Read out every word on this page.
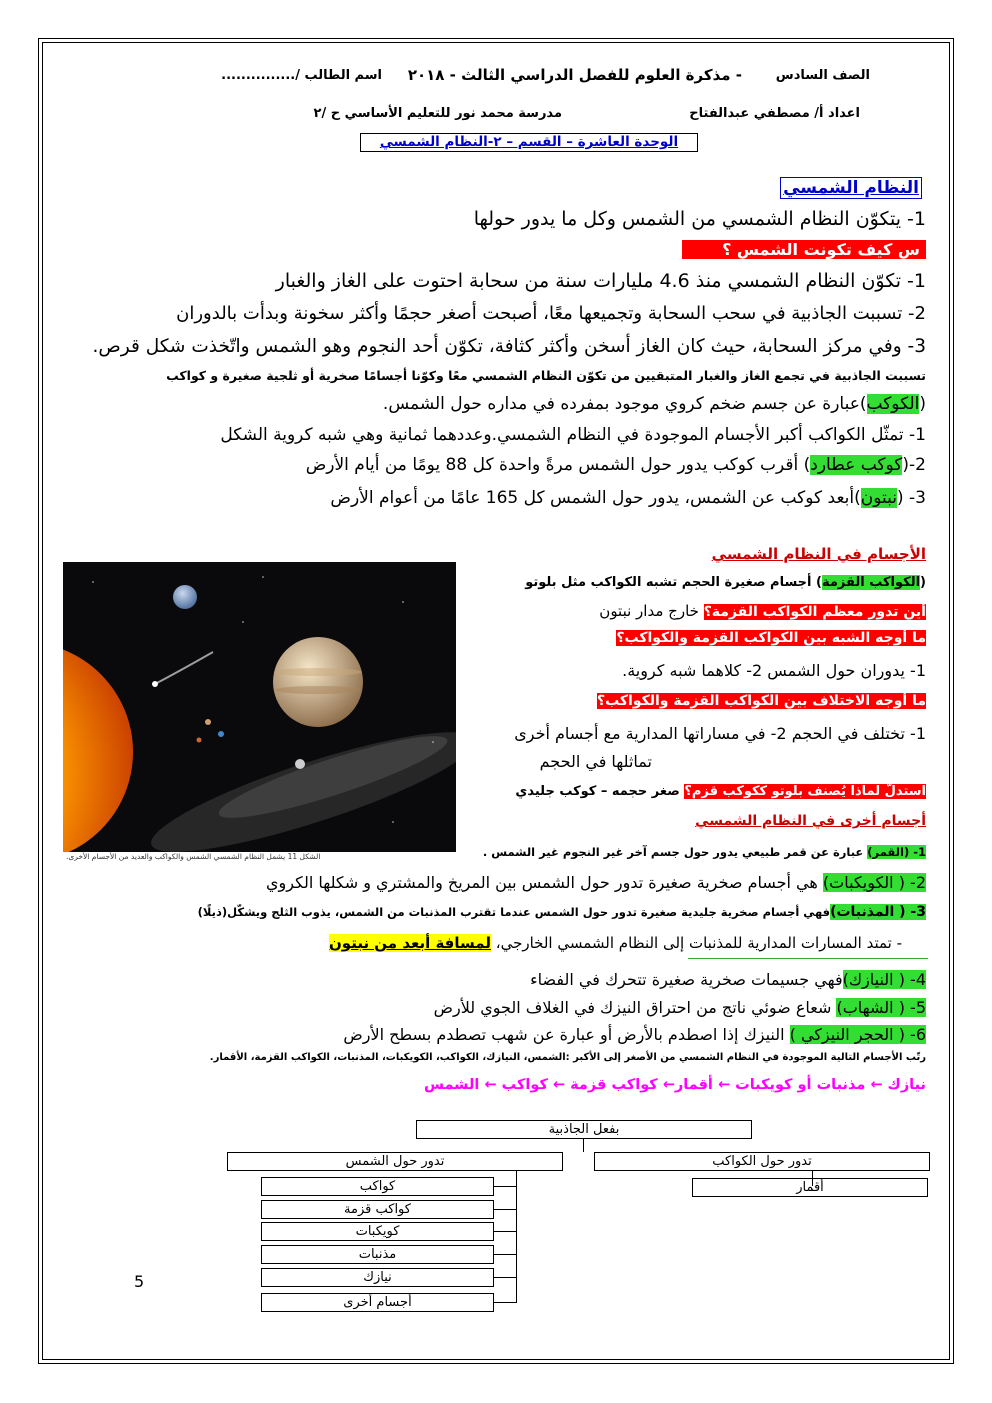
الصف السادس
- مذكرة العلوم للفصل الدراسي الثالث - ٢٠١٨
اسم الطالب /...............
اعداد أ/ مصطفي عبدالفتاح
مدرسة محمد نور للتعليم الأساسي ح /٢
الوحدة العاشرة – القسم – ٢-النظام الشمسي
النظام الشمسي
1- يتكوّن النظام الشمسي من الشمس وكل ما يدور حولها
س كيف تكونت الشمس ؟
1- تكوّن النظام الشمسي منذ 4.6 مليارات سنة من سحابة احتوت على الغاز والغبار
2- تسببت الجاذبية في سحب السحابة وتجميعها معًا، أصبحت أصغر حجمًا وأكثر سخونة وبدأت بالدوران
3- وفي مركز السحابة، حيث كان الغاز أسخن وأكثر كثافة، تكوّن أحد النجوم وهو الشمس واتّخذت شكل قرص.
تسببت الجاذبية في تجمع الغاز والغبار المتبقيين من تكوّن النظام الشمسي معًا وكوّنا أجسامًا صخرية أو ثلجية صغيرة و كواكب
(الكوكب)عبارة عن جسم ضخم كروي موجود بمفرده في مداره حول الشمس.
1- تمثّل الكواكب أكبر الأجسام الموجودة في النظام الشمسي.وعددهما ثمانية وهي شبه كروية الشكل
2-(كوكب عطارد) أقرب كوكب يدور حول الشمس مرةً واحدة كل 88 يومًا من أيام الأرض
3- (نبتون)أبعد كوكب عن الشمس، يدور حول الشمس كل 165 عامًا من أعوام الأرض
الشكل 11 يشمل النظام الشمسي الشمس والكواكب والعديد من الأجسام الأخرى.
الأجسام في النظام الشمسي
(الكواكب القزمة) أجسام صغيرة الحجم تشبه الكواكب مثل بلوتو
أين تدور معظم الكواكب القزمة؟ خارج مدار نبتون
ما أوجه الشبه بين الكواكب القزمة والكواكب؟
1- يدوران حول الشمس 2- كلاهما شبه كروية.
ما أوجه الاختلاف بين الكواكب القزمة والكواكب؟
1- تختلف في الحجم 2- في مساراتها المدارية مع أجسام أخرى
تماثلها في الحجم
استدلّ لماذا يُصنف بلوتو ككوكب قزم؟ صغر حجمه – كوكب جليدي
أجسام أخرى في النظام الشمسي
1- (القمر) عبارة عن قمر طبيعي يدور حول جسم آخر غير النجوم غير الشمس .
2- ( الكويكبات) هي أجسام صخرية صغيرة تدور حول الشمس بين المريخ والمشتري و شكلها الكروي
3- ( المذنبات)فهي أجسام صخرية جليدية صغيرة تدور حول الشمس عندما تقترب المذنبات من الشمس، يذوب الثلج ويشكّل(ذيلًا)
- تمتد المسارات المدارية للمذنبات إلى النظام الشمسي الخارجي، لمسافة أبعد من نبتون
4- ( النيازك)فهي جسيمات صخرية صغيرة تتحرك في الفضاء
5- ( الشهاب) شعاع ضوئي ناتج من احتراق النيزك في الغلاف الجوي للأرض
6- ( الحجر النيزكي ) النيزك إذا اصطدم بالأرض أو عبارة عن شهب تصطدم بسطح الأرض
رتّب الأجسام التالية الموجودة في النظام الشمسي من الأصغر إلى الأكبر :الشمس، النيازك، الكواكب، الكويكبات، المذنبات، الكواكب القزمة، الأقمار.
نيازك ← مذنبات أو كويكبات ← أقمار← كواكب قزمة ← كواكب ← الشمس
بفعل الجاذبية
تدور حول الشمس	تدور حول الكواكب
كواكب
كواكب قزمة
كويكبات
مذنبات
نيازك
أجسام أخرى
أقمار
5
